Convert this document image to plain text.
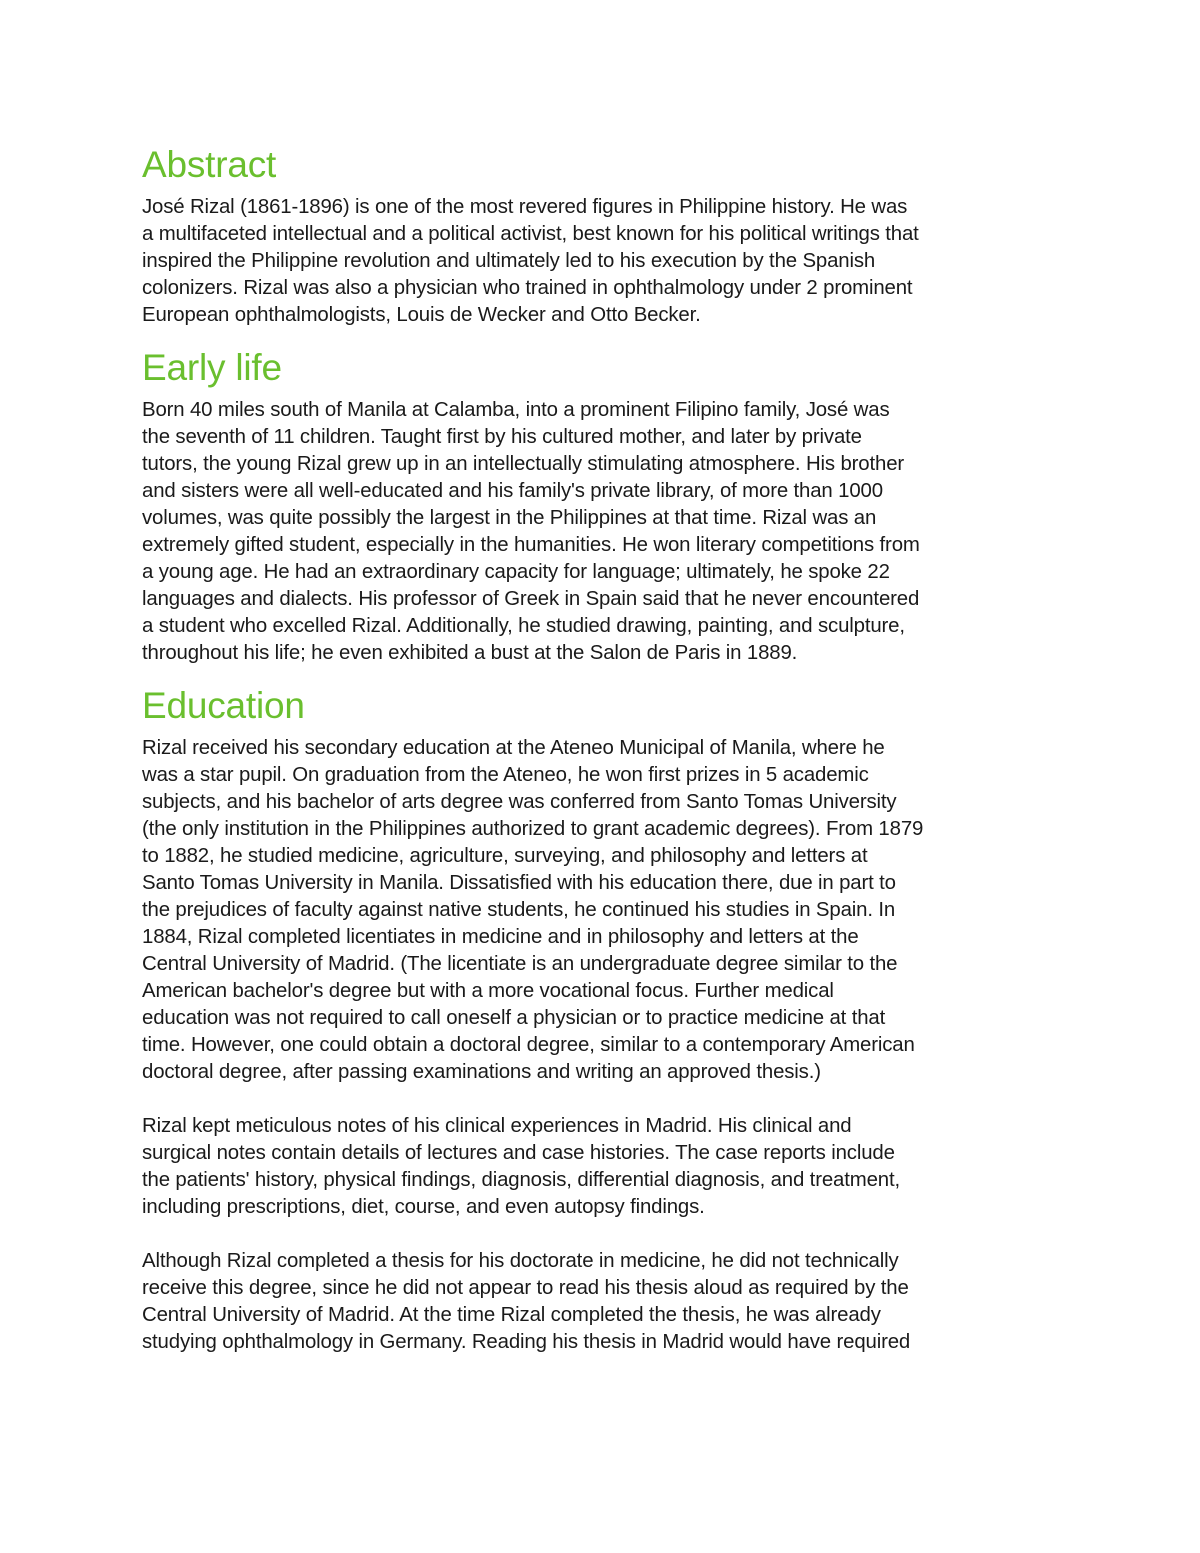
Abstract

José Rizal (1861-1896) is one of the most revered figures in Philippine history. He was
a multifaceted intellectual and a political activist, best known for his political writings that
inspired the Philippine revolution and ultimately led to his execution by the Spanish
colonizers. Rizal was also a physician who trained in ophthalmology under 2 prominent
European ophthalmologists, Louis de Wecker and Otto Becker.

Early life

Born 40 miles south of Manila at Calamba, into a prominent Filipino family, José was
the seventh of 11 children. Taught first by his cultured mother, and later by private
tutors, the young Rizal grew up in an intellectually stimulating atmosphere. His brother
and sisters were all well-educated and his family's private library, of more than 1000
volumes, was quite possibly the largest in the Philippines at that time. Rizal was an
extremely gifted student, especially in the humanities. He won literary competitions from
a young age. He had an extraordinary capacity for language; ultimately, he spoke 22
languages and dialects. His professor of Greek in Spain said that he never encountered
a student who excelled Rizal. Additionally, he studied drawing, painting, and sculpture,
throughout his life; he even exhibited a bust at the Salon de Paris in 1889.

Education

Rizal received his secondary education at the Ateneo Municipal of Manila, where he
was a star pupil. On graduation from the Ateneo, he won first prizes in 5 academic
subjects, and his bachelor of arts degree was conferred from Santo Tomas University
(the only institution in the Philippines authorized to grant academic degrees). From 1879
to 1882, he studied medicine, agriculture, surveying, and philosophy and letters at
Santo Tomas University in Manila. Dissatisfied with his education there, due in part to
the prejudices of faculty against native students, he continued his studies in Spain. In
1884, Rizal completed licentiates in medicine and in philosophy and letters at the
Central University of Madrid. (The licentiate is an undergraduate degree similar to the
American bachelor's degree but with a more vocational focus. Further medical
education was not required to call oneself a physician or to practice medicine at that
time. However, one could obtain a doctoral degree, similar to a contemporary American
doctoral degree, after passing examinations and writing an approved thesis.)

Rizal kept meticulous notes of his clinical experiences in Madrid. His clinical and
surgical notes contain details of lectures and case histories. The case reports include
the patients' history, physical findings, diagnosis, differential diagnosis, and treatment,
including prescriptions, diet, course, and even autopsy findings.

Although Rizal completed a thesis for his doctorate in medicine, he did not technically
receive this degree, since he did not appear to read his thesis aloud as required by the
Central University of Madrid. At the time Rizal completed the thesis, he was already
studying ophthalmology in Germany. Reading his thesis in Madrid would have required
